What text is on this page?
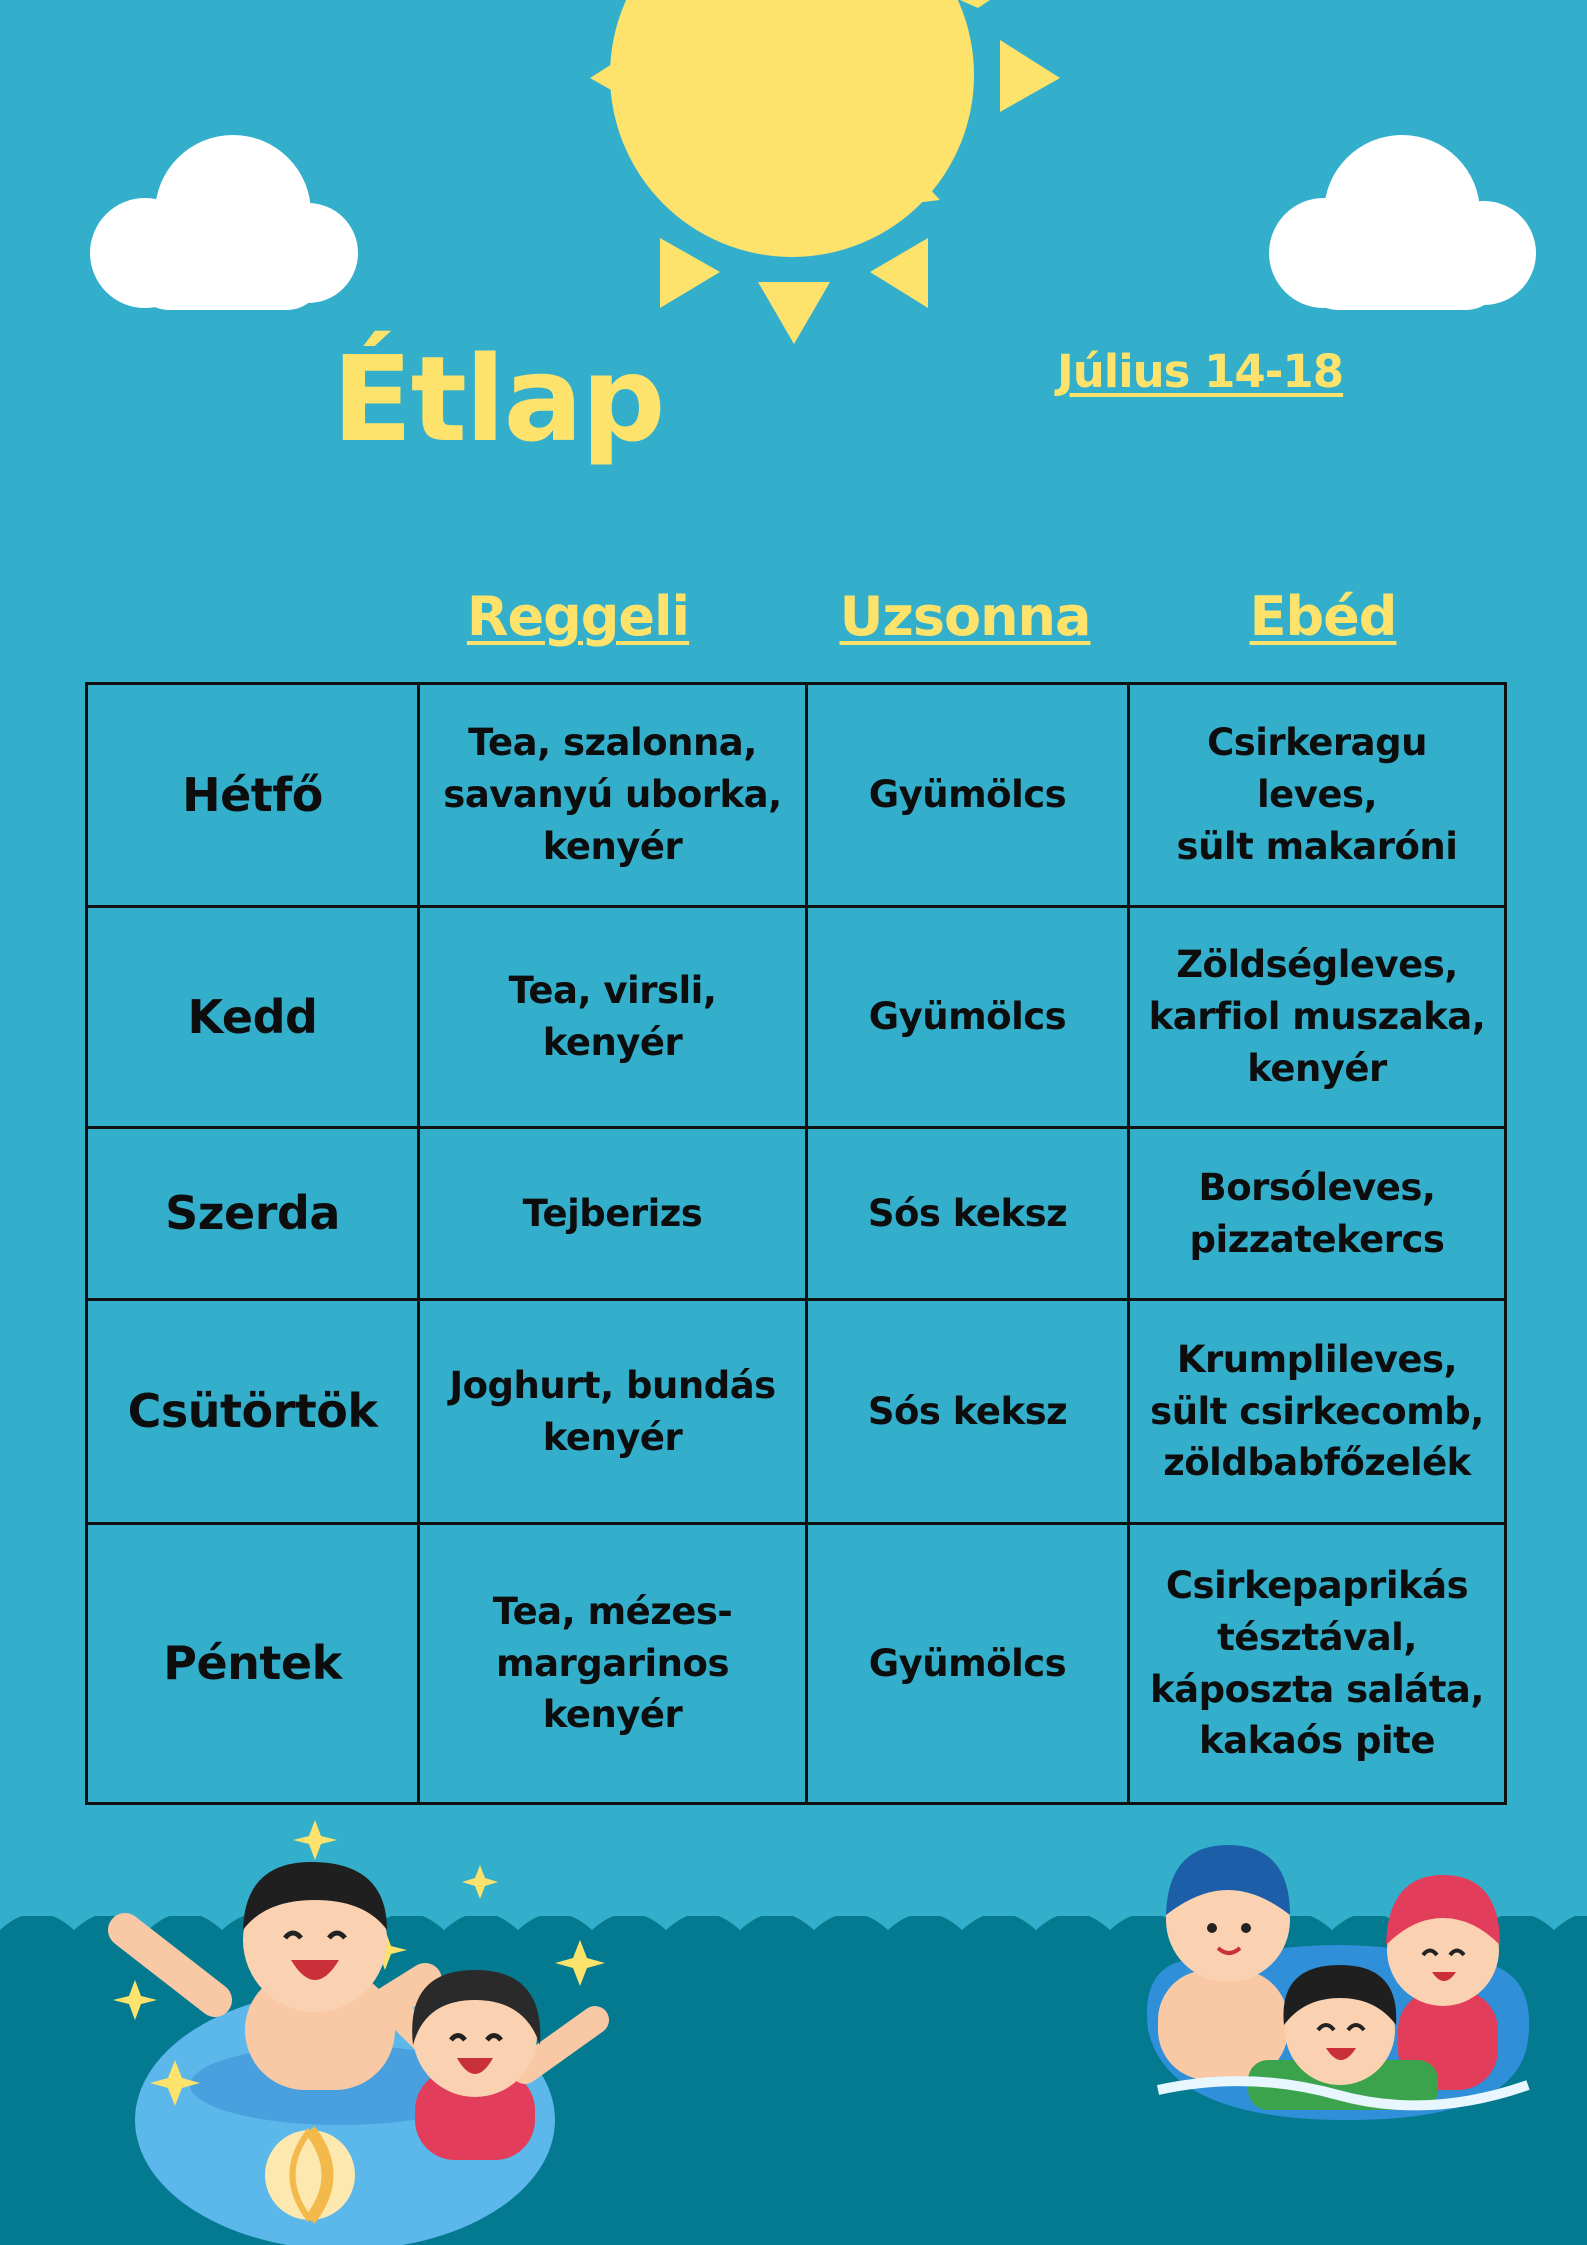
Étlap	Július 14-18
Reggeli	Uzsonna	Ebéd
Hétfő	Tea, szalonna,
savanyú uborka,
kenyér	Gyümölcs	Csirkeragu leves,
sült makaróni
Kedd	Tea, virsli,
kenyér	Gyümölcs	Zöldségleves,
karfiol muszaka,
kenyér
Szerda	Tejberizs	Sós keksz	Borsóleves,
pizzatekercs
Csütörtök	Joghurt, bundás
kenyér	Sós keksz	Krumplileves,
sült csirkecomb,
zöldbabfőzelék
Péntek	Tea, mézes-
margarinos
kenyér	Gyümölcs	Csirkepaprikás
tésztával,
káposzta saláta,
kakaós pite
